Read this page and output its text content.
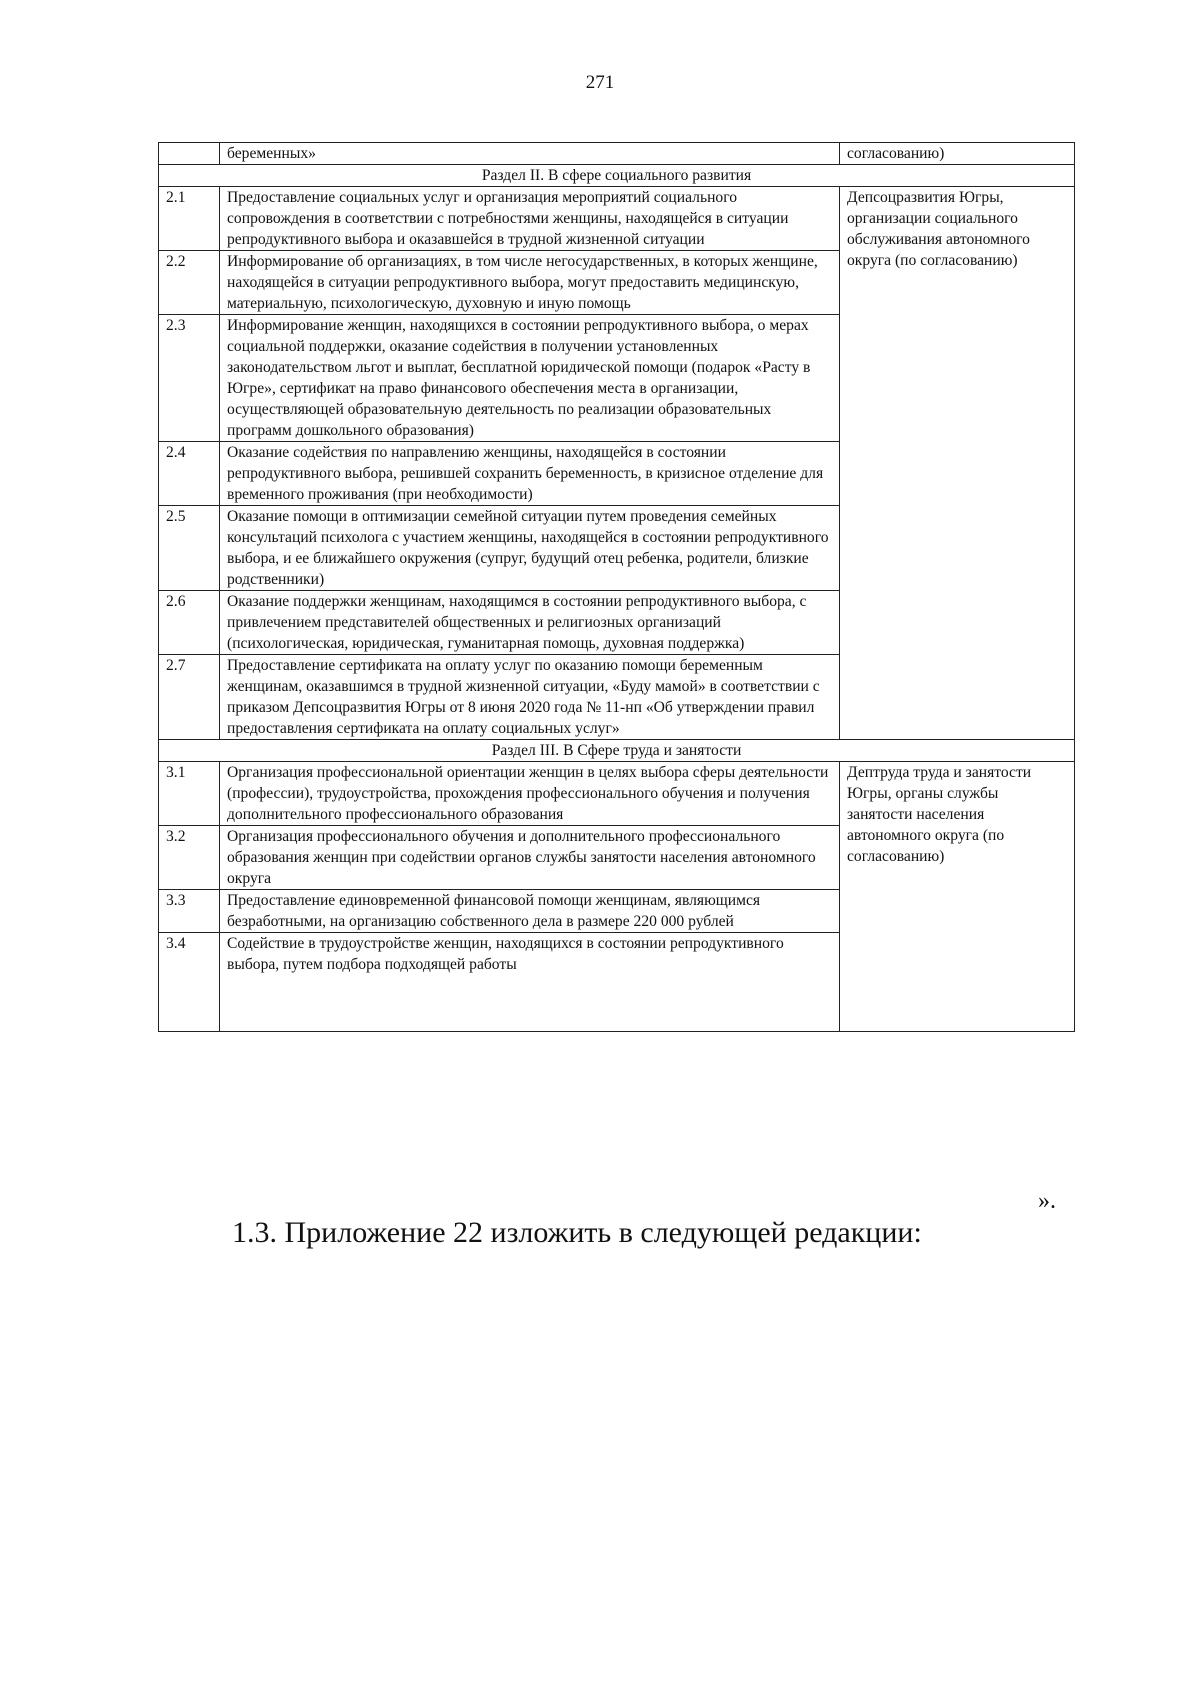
271
	беременных»	согласованию)
Раздел II. В сфере социального развития		
2.1	Предоставление социальных услуг и организация мероприятий социального сопровождения в соответствии с потребностями женщины, находящейся в ситуации репродуктивного выбора и оказавшейся в трудной жизненной ситуации	Депсоцразвития Югры, организации социального обслуживания автономного округа (по согласованию)
2.2	Информирование об организациях, в том числе негосударственных, в которых женщине, находящейся в ситуации репродуктивного выбора, могут предоставить медицинскую, материальную, психологическую, духовную и иную помощь	
2.3	Информирование женщин, находящихся в состоянии репродуктивного выбора, о мерах социальной поддержки, оказание содействия в получении установленных законодательством льгот и выплат, бесплатной юридической помощи (подарок «Расту в Югре», сертификат на право финансового обеспечения места в организации, осуществляющей образовательную деятельность по реализации образовательных программ дошкольного образования)	
2.4	Оказание содействия по направлению женщины, находящейся в состоянии репродуктивного выбора, решившей сохранить беременность, в кризисное отделение для временного проживания (при необходимости)	
2.5	Оказание помощи в оптимизации семейной ситуации путем проведения семейных консультаций психолога с участием женщины, находящейся в состоянии репродуктивного выбора, и ее ближайшего окружения (супруг, будущий отец ребенка, родители, близкие родственники)	
2.6	Оказание поддержки женщинам, находящимся в состоянии репродуктивного выбора, с привлечением представителей общественных и религиозных организаций (психологическая, юридическая, гуманитарная помощь, духовная поддержка)	
2.7	Предоставление сертификата на оплату услуг по оказанию помощи беременным женщинам, оказавшимся в трудной жизненной ситуации, «Буду мамой» в соответствии с приказом Депсоцразвития Югры от 8 июня 2020 года № 11-нп «Об утверждении правил предоставления сертификата на оплату социальных услуг»	
Раздел III. В Сфере труда и занятости		
3.1	Организация профессиональной ориентации женщин в целях выбора сферы деятельности (профессии), трудоустройства, прохождения профессионального обучения и получения дополнительного профессионального образования	Дептруда труда и занятости Югры, органы службы занятости населения автономного округа (по согласованию)
3.2	Организация профессионального обучения и дополнительного профессионального образования женщин при содействии органов службы занятости населения автономного округа	
3.3	Предоставление единовременной финансовой помощи женщинам, являющимся безработными, на организацию собственного дела в размере 220 000 рублей	
3.4	Содействие в трудоустройстве женщин, находящихся в состоянии репродуктивного выбора, путем подбора подходящей работы	
».
1.3. Приложение 22 изложить в следующей редакции:
